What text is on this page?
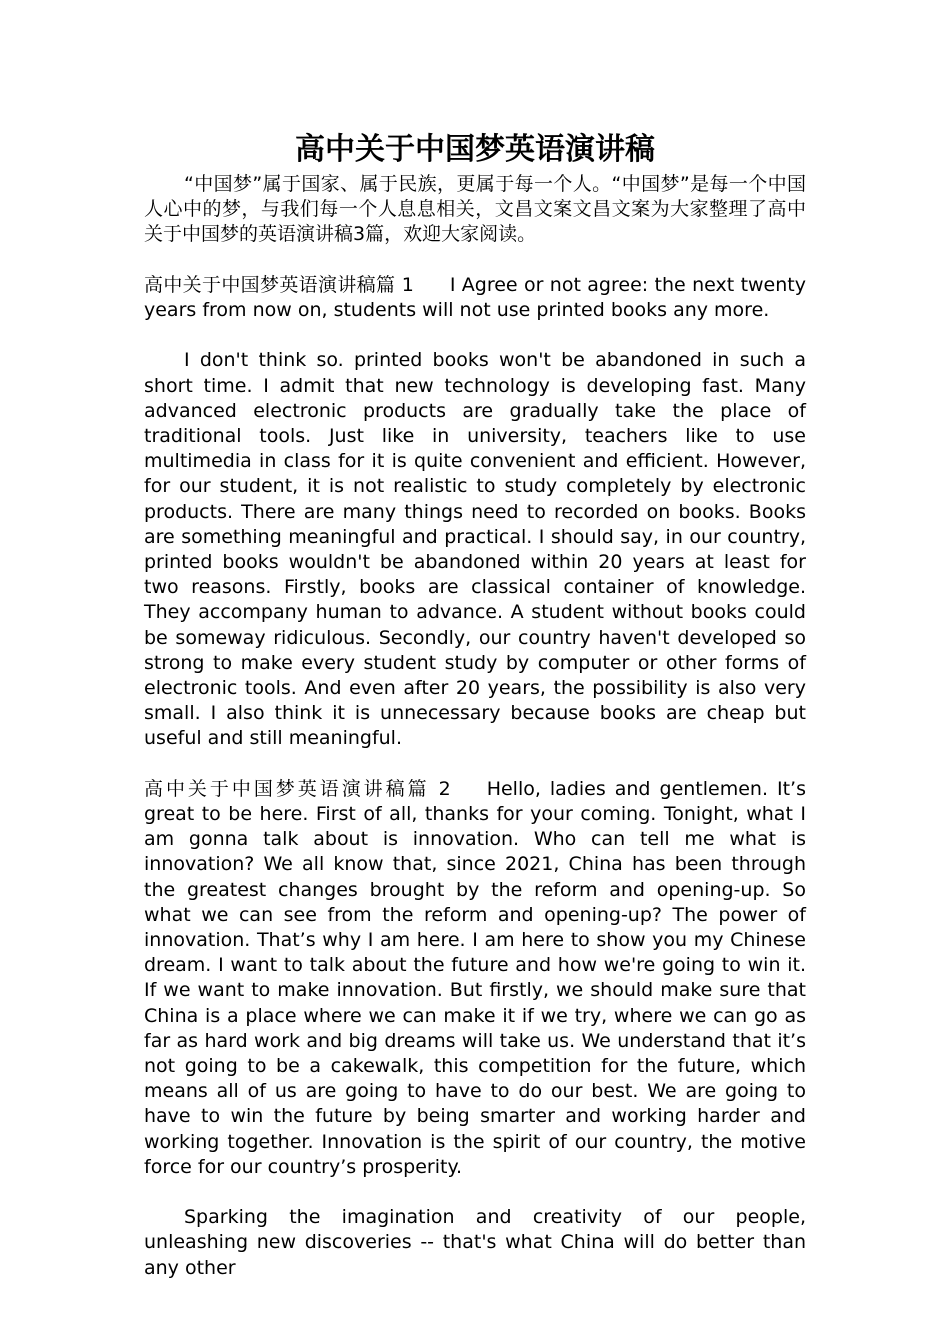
高中关于中国梦英语演讲稿

“中国梦”属于国家、属于民族，更属于每一个人。“中国梦”是每一个中国人心中的梦，与我们每一个人息息相关，文昌文案文昌文案为大家整理了高中关于中国梦的英语演讲稿3篇，欢迎大家阅读。

高中关于中国梦英语演讲稿篇 1 I Agree or not agree: the next twenty years from now on, students will not use printed books any more.

I don't think so. printed books won't be abandoned in such a short time. I admit that new technology is developing fast. Many advanced electronic products are gradually take the place of traditional tools. Just like in university, teachers like to use multimedia in class for it is quite convenient and efficient. However, for our student, it is not realistic to study completely by electronic products. There are many things need to recorded on books. Books are something meaningful and practical. I should say, in our country, printed books wouldn't be abandoned within 20 years at least for two reasons. Firstly, books are classical container of knowledge. They accompany human to advance. A student without books could be someway ridiculous. Secondly, our country haven't developed so strong to make every student study by computer or other forms of electronic tools. And even after 20 years, the possibility is also very small. I also think it is unnecessary because books are cheap but useful and still meaningful.

高中关于中国梦英语演讲稿篇 2 Hello, ladies and gentlemen. It’s great to be here. First of all, thanks for your coming. Tonight, what I am gonna talk about is innovation. Who can tell me what is innovation? We all know that, since 2021, China has been through the greatest changes brought by the reform and opening-up. So what we can see from the reform and opening-up? The power of innovation. That’s why I am here. I am here to show you my Chinese dream. I want to talk about the future and how we're going to win it. If we want to make innovation. But firstly, we should make sure that China is a place where we can make it if we try, where we can go as far as hard work and big dreams will take us. We understand that it’s not going to be a cakewalk, this competition for the future, which means all of us are going to have to do our best. We are going to have to win the future by being smarter and working harder and working together. Innovation is the spirit of our country, the motive force for our country’s prosperity.

Sparking the imagination and creativity of our people, unleashing new discoveries -- that's what China will do better than any other
